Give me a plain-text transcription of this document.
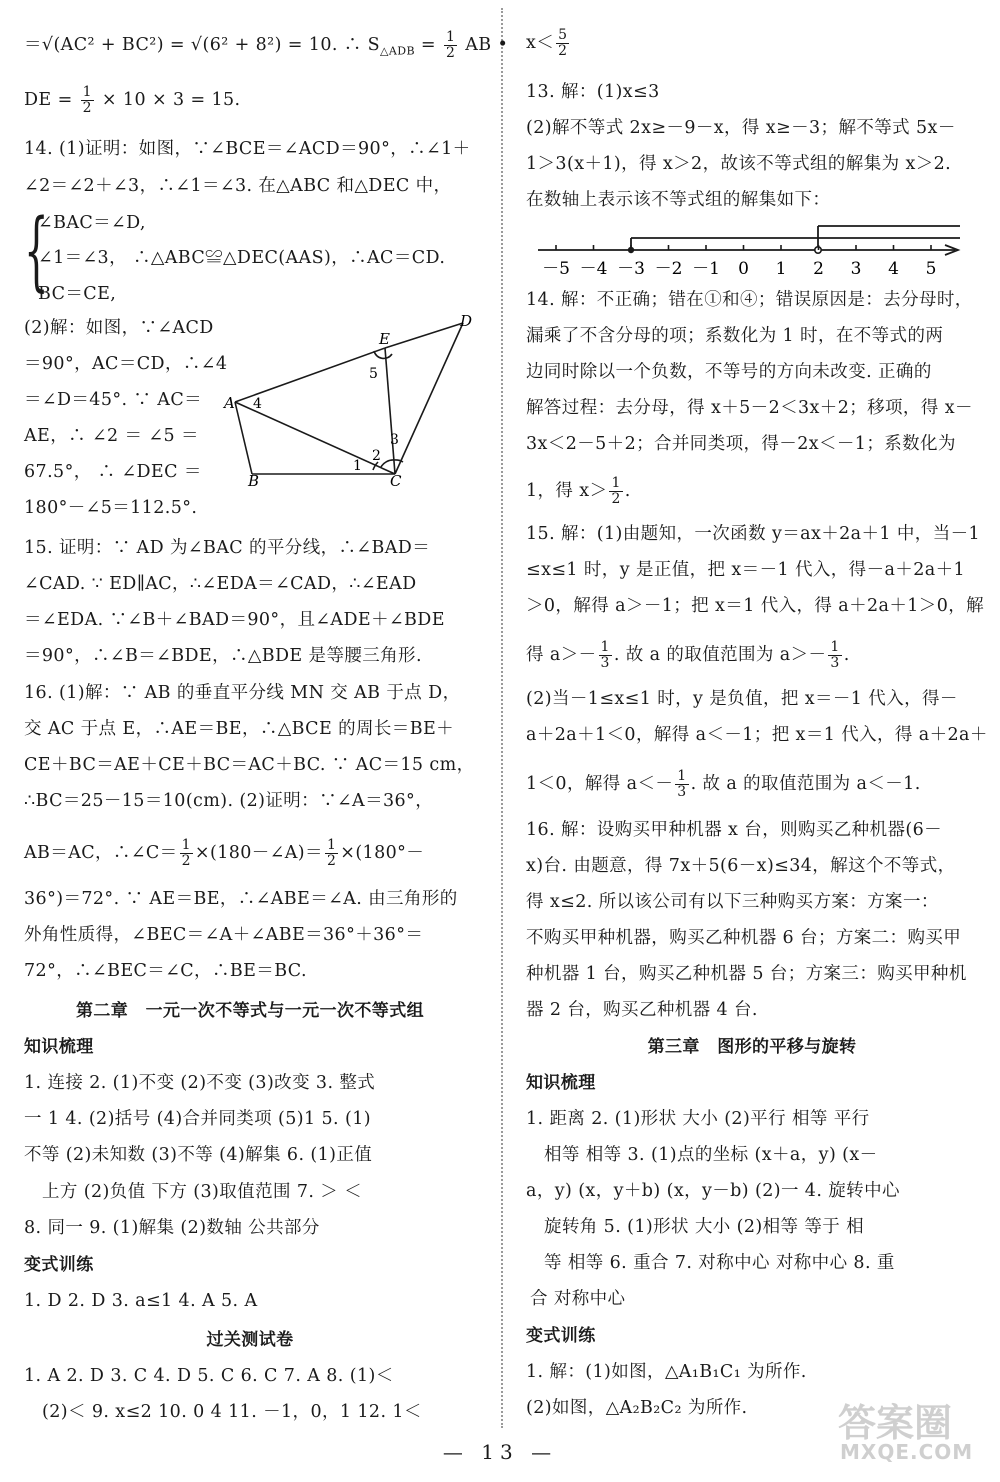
＝√(AC² + BC²) = √(6² + 8²) = 10. ∴ $S_{\triangle ADB} = \frac{1}{2}$ AB •
DE = $\frac{1}{2} \times 10 \times 3 = 15$.
14. (1)证明：如图，∵∠BCE＝∠ACD＝90°，∴∠1＋
∠2＝∠2＋∠3，∴∠1＝∠3. 在△ABC 和△DEC 中，
{
∠BAC＝∠D,
∠1＝∠3， ∴△ABC≌△DEC(AAS)，∴AC＝CD.
BC＝CE,
(2)解：如图，∵∠ACD
＝90°，AC＝CD，∴∠4
＝∠D＝45°. ∵ AC＝
AE，∴ ∠2 ＝ ∠5 ＝
67.5°， ∴ ∠DEC ＝
180°－∠5＝112.5°.
15. 证明：∵ AD 为∠BAC 的平分线，∴∠BAD＝
∠CAD. ∵ ED∥AC，∴∠EDA＝∠CAD，∴∠EAD
＝∠EDA. ∵∠B＋∠BAD＝90°，且∠ADE＋∠BDE
＝90°，∴∠B＝∠BDE，∴△BDE 是等腰三角形.
16. (1)解：∵ AB 的垂直平分线 MN 交 AB 于点 D，
交 AC 于点 E，∴AE＝BE，∴△BCE 的周长＝BE＋
CE＋BC＝AE＋CE＋BC＝AC＋BC. ∵ AC＝15 cm，
∴BC＝25－15＝10(cm). (2)证明：∵∠A＝36°，
AB＝AC，∴∠C＝ $\frac{1}{2}$ ×(180－∠A)＝ $\frac{1}{2} \times(180^\circ-$
36°)＝72°. ∵ AE＝BE，∴∠ABE＝∠A. 由三角形的
外角性质得，∠BEC＝∠A＋∠ABE＝36°＋36°＝
72°，∴∠BEC＝∠C，∴BE＝BC.
第二章　一元一次不等式与一元一次不等式组
知识梳理
1. 连接 2. (1)不变 (2)不变 (3)改变 3. 整式
一 1 4. (2)括号 (4)合并同类项 (5)1 5. (1)
不等 (2)未知数 (3)不等 (4)解集 6. (1)正值
上方 (2)负值 下方 (3)取值范围 7. ＞ ＜
8. 同一 9. (1)解集 (2)数轴 公共部分
变式训练
1. D 2. D 3. a≤1 4. A 5. A
过关测试卷
1. A 2. D 3. C 4. D 5. C 6. C 7. A 8. (1)＜
(2)＜ 9. x≤2 10. 0 4 11. －1，0，1 12. 1＜
A
B	C
D
E
1
2
3
4
5
$x< \frac{5}{2}$
13. 解：(1)x≤3
(2)解不等式 2x≥－9－x，得 x≥－3；解不等式 5x－
1＞3(x＋1)，得 x＞2，故该不等式组的解集为 x＞2.
在数轴上表示该不等式组的解集如下：
14. 解：不正确；错在①和④；错误原因是：去分母时，
漏乘了不含分母的项；系数化为 1 时，在不等式的两
边同时除以一个负数，不等号的方向未改变. 正确的
解答过程：去分母，得 x＋5－2＜3x＋2；移项，得 x－
3x＜2－5＋2；合并同类项，得－2x＜－1；系数化为
1，得 $x> \frac{1}{2}$ .
15. 解：(1)由题知，一次函数 y＝ax＋2a＋1 中，当－1
≤x≤1 时，y 是正值，把 x＝－1 代入，得－a＋2a＋1
＞0，解得 a＞－1；把 x＝1 代入，得 a＋2a＋1＞0，解
得 $a>- \frac{1}{3}$ . 故 a 的取值范围为 $a>- \frac{1}{3}$ .
(2)当－1≤x≤1 时，y 是负值，把 x＝－1 代入，得－
a＋2a＋1＜0，解得 a＜－1；把 x＝1 代入，得 a＋2a＋
1＜0，解得 $a<- \frac{1}{3}$ . 故 a 的取值范围为 a＜－1.
16. 解：设购买甲种机器 x 台，则购买乙种机器(6－
x)台. 由题意，得 7x＋5(6－x)≤34，解这个不等式，
得 x≤2. 所以该公司有以下三种购买方案：方案一：
不购买甲种机器，购买乙种机器 6 台；方案二：购买甲
种机器 1 台，购买乙种机器 5 台；方案三：购买甲种机
器 2 台，购买乙种机器 4 台.
第三章　图形的平移与旋转
知识梳理
1. 距离 2. (1)形状 大小 (2)平行 相等 平行
相等 相等 3. (1)点的坐标 (x＋a，y) (x－
a，y) (x，y＋b) (x，y－b) (2)一 4. 旋转中心
旋转角 5. (1)形状 大小 (2)相等 等于 相
等 相等 6. 重合 7. 对称中心 对称中心 8. 重
合 对称中心
变式训练
1. 解：(1)如图，△A₁B₁C₁ 为所作.
(2)如图，△A₂B₂C₂ 为所作.
－5 －4 －3 －2 －1 0 1 2 3 4 5
— 13 —
答案圈
MXQE.COM
